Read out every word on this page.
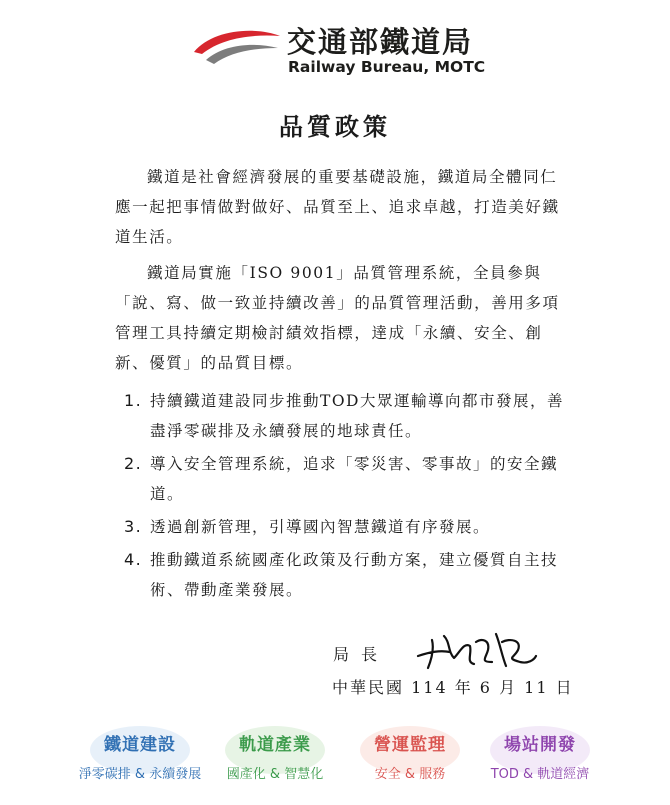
交通部鐵道局
Railway Bureau, MOTC
品質政策

鐵道是社會經濟發展的重要基礎設施，鐵道局全體同仁應一起把事情做對做好、品質至上、追求卓越，打造美好鐵道生活。

鐵道局實施「ISO 9001」品質管理系統，全員參與「說、寫、做一致並持續改善」的品質管理活動，善用多項管理工具持續定期檢討績效指標，達成「永續、安全、創新、優質」的品質目標。

1. 持續鐵道建設同步推動TOD大眾運輸導向都市發展，善盡淨零碳排及永續發展的地球責任。
2. 導入安全管理系統，追求「零災害、零事故」的安全鐵道。
3. 透過創新管理，引導國內智慧鐵道有序發展。
4. 推動鐵道系統國產化政策及行動方案，建立優質自主技術、帶動產業發展。
局長
中華民國 114 年 6 月 11 日
鐵道建設
淨零碳排 & 永續發展
軌道產業
國產化 & 智慧化
營運監理
安全 & 服務
場站開發
TOD & 軌道經濟
